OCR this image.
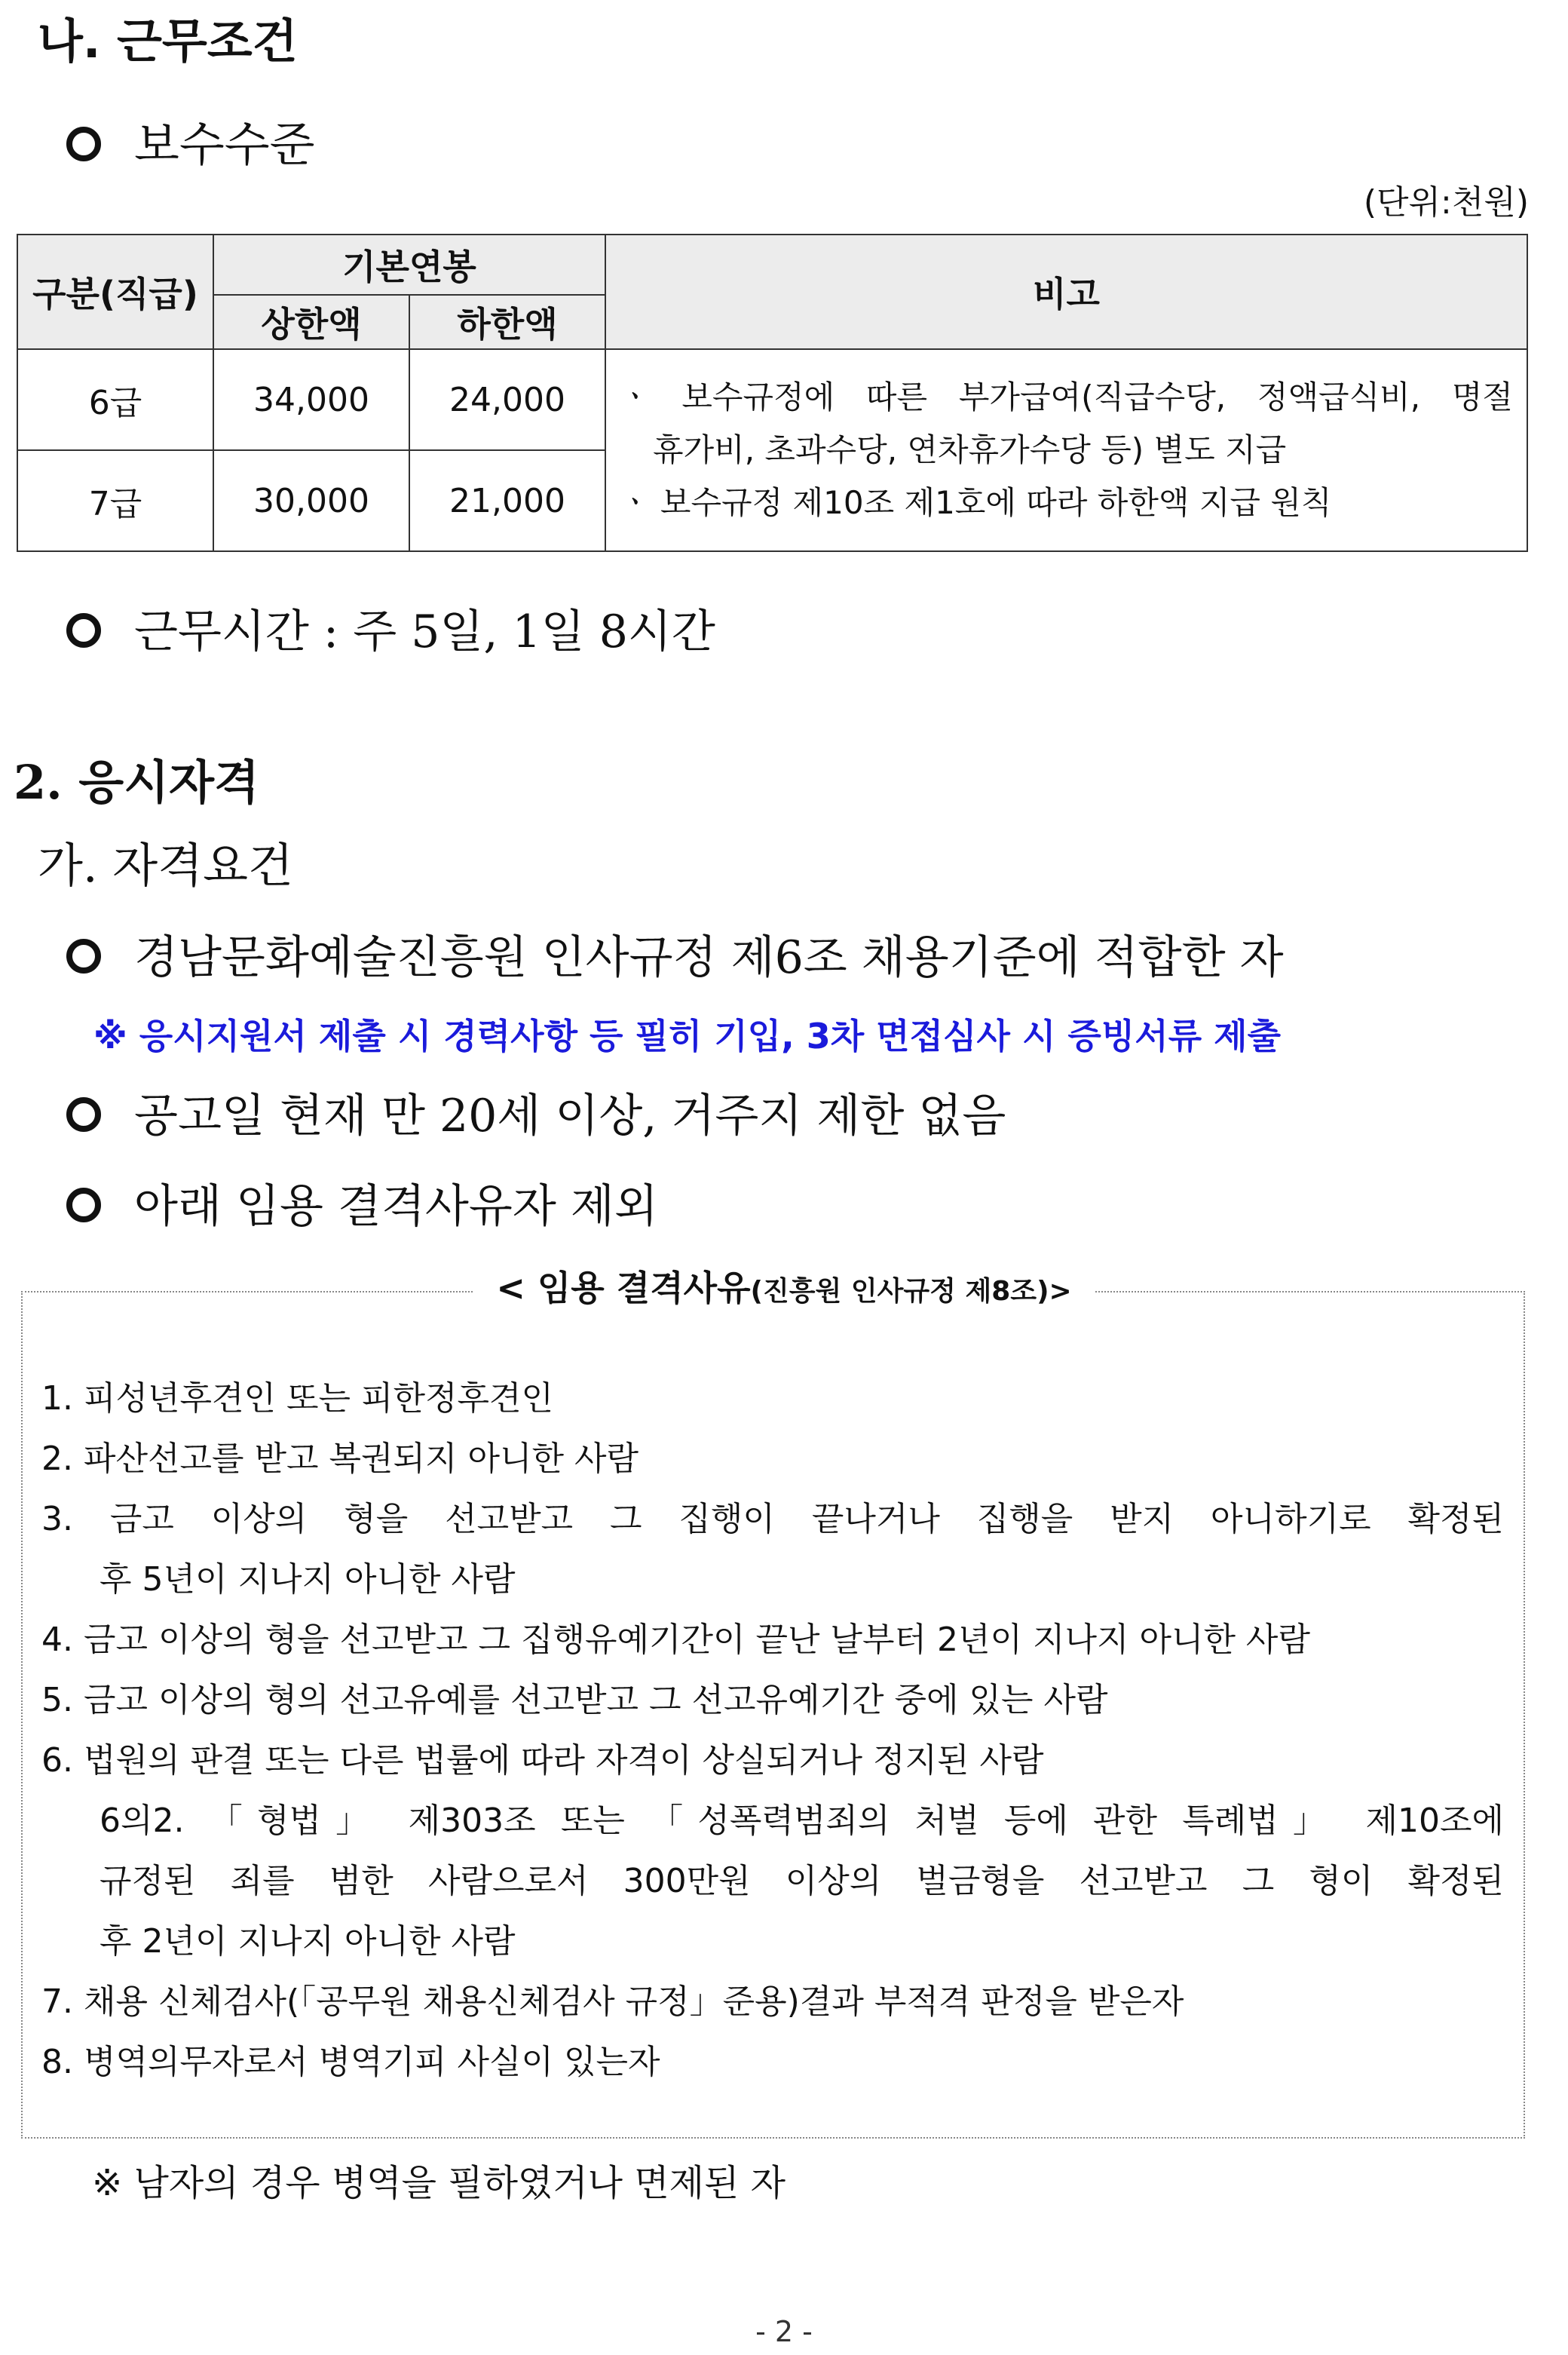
나. 근무조건
보수수준
(단위:천원)
구분(직급)	기본연봉		비고
	상한액	하한액	
6급	34,000	24,000	ㆍ 보수규정에 따른 부가급여(직급수당, 정액급식비, 명절
휴가비, 초과수당, 연차휴가수당 등) 별도 지급
ㆍ 보수규정 제10조 제1호에 따라 하한액 지급 원칙

7급	30,000	21,000	
근무시간 : 주 5일, 1일 8시간
2. 응시자격
가. 자격요건
경남문화예술진흥원 인사규정 제6조 채용기준에 적합한 자
※ 응시지원서 제출 시 경력사항 등 필히 기입, 3차 면접심사 시 증빙서류 제출
공고일 현재 만 20세 이상, 거주지 제한 없음
아래 임용 결격사유자 제외
< 임용 결격사유(진흥원 인사규정 제8조)>
1. 피성년후견인 또는 피한정후견인
2. 파산선고를 받고 복권되지 아니한 사람
3. 금고 이상의 형을 선고받고 그 집행이 끝나거나 집행을 받지 아니하기로 확정된
후 5년이 지나지 아니한 사람
4. 금고 이상의 형을 선고받고 그 집행유예기간이 끝난 날부터 2년이 지나지 아니한 사람
5. 금고 이상의 형의 선고유예를 선고받고 그 선고유예기간 중에 있는 사람
6. 법원의 판결 또는 다른 법률에 따라 자격이 상실되거나 정지된 사람
6의2. 「형법」 제303조 또는 「성폭력범죄의 처벌 등에 관한 특례법」 제10조에
규정된 죄를 범한 사람으로서 300만원 이상의 벌금형을 선고받고 그 형이 확정된
후 2년이 지나지 아니한 사람
7. 채용 신체검사(「공무원 채용신체검사 규정」준용)결과 부적격 판정을 받은자
8. 병역의무자로서 병역기피 사실이 있는자
※ 남자의 경우 병역을 필하였거나 면제된 자
- 2 -
